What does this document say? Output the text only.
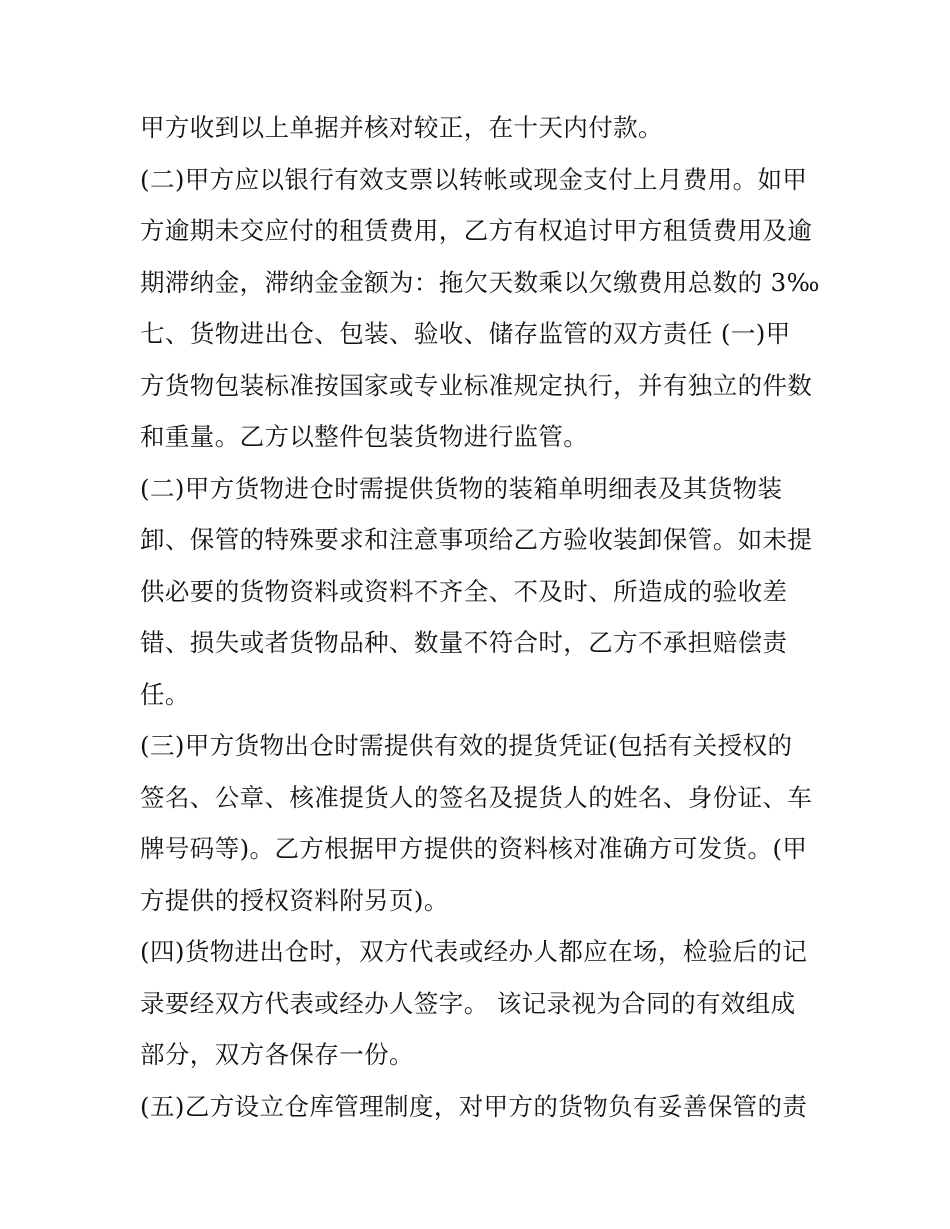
甲方收到以上单据并核对较正，在十天内付款。
(二)甲方应以银行有效支票以转帐或现金支付上月费用。如甲
方逾期未交应付的租赁费用，乙方有权追讨甲方租赁费用及逾
期滞纳金，滞纳金金额为：拖欠天数乘以欠缴费用总数的 3‰
七、货物进出仓、包装、验收、储存监管的双方责任 (一)甲
方货物包装标准按国家或专业标准规定执行，并有独立的件数
和重量。乙方以整件包装货物进行监管。
(二)甲方货物进仓时需提供货物的装箱单明细表及其货物装
卸、保管的特殊要求和注意事项给乙方验收装卸保管。如未提
供必要的货物资料或资料不齐全、不及时、所造成的验收差
错、损失或者货物品种、数量不符合时，乙方不承担赔偿责
任。
(三)甲方货物出仓时需提供有效的提货凭证(包括有关授权的
签名、公章、核准提货人的签名及提货人的姓名、身份证、车
牌号码等)。乙方根据甲方提供的资料核对准确方可发货。(甲
方提供的授权资料附另页)。
(四)货物进出仓时，双方代表或经办人都应在场，检验后的记
录要经双方代表或经办人签字。 该记录视为合同的有效组成
部分，双方各保存一份。
(五)乙方设立仓库管理制度，对甲方的货物负有妥善保管的责
